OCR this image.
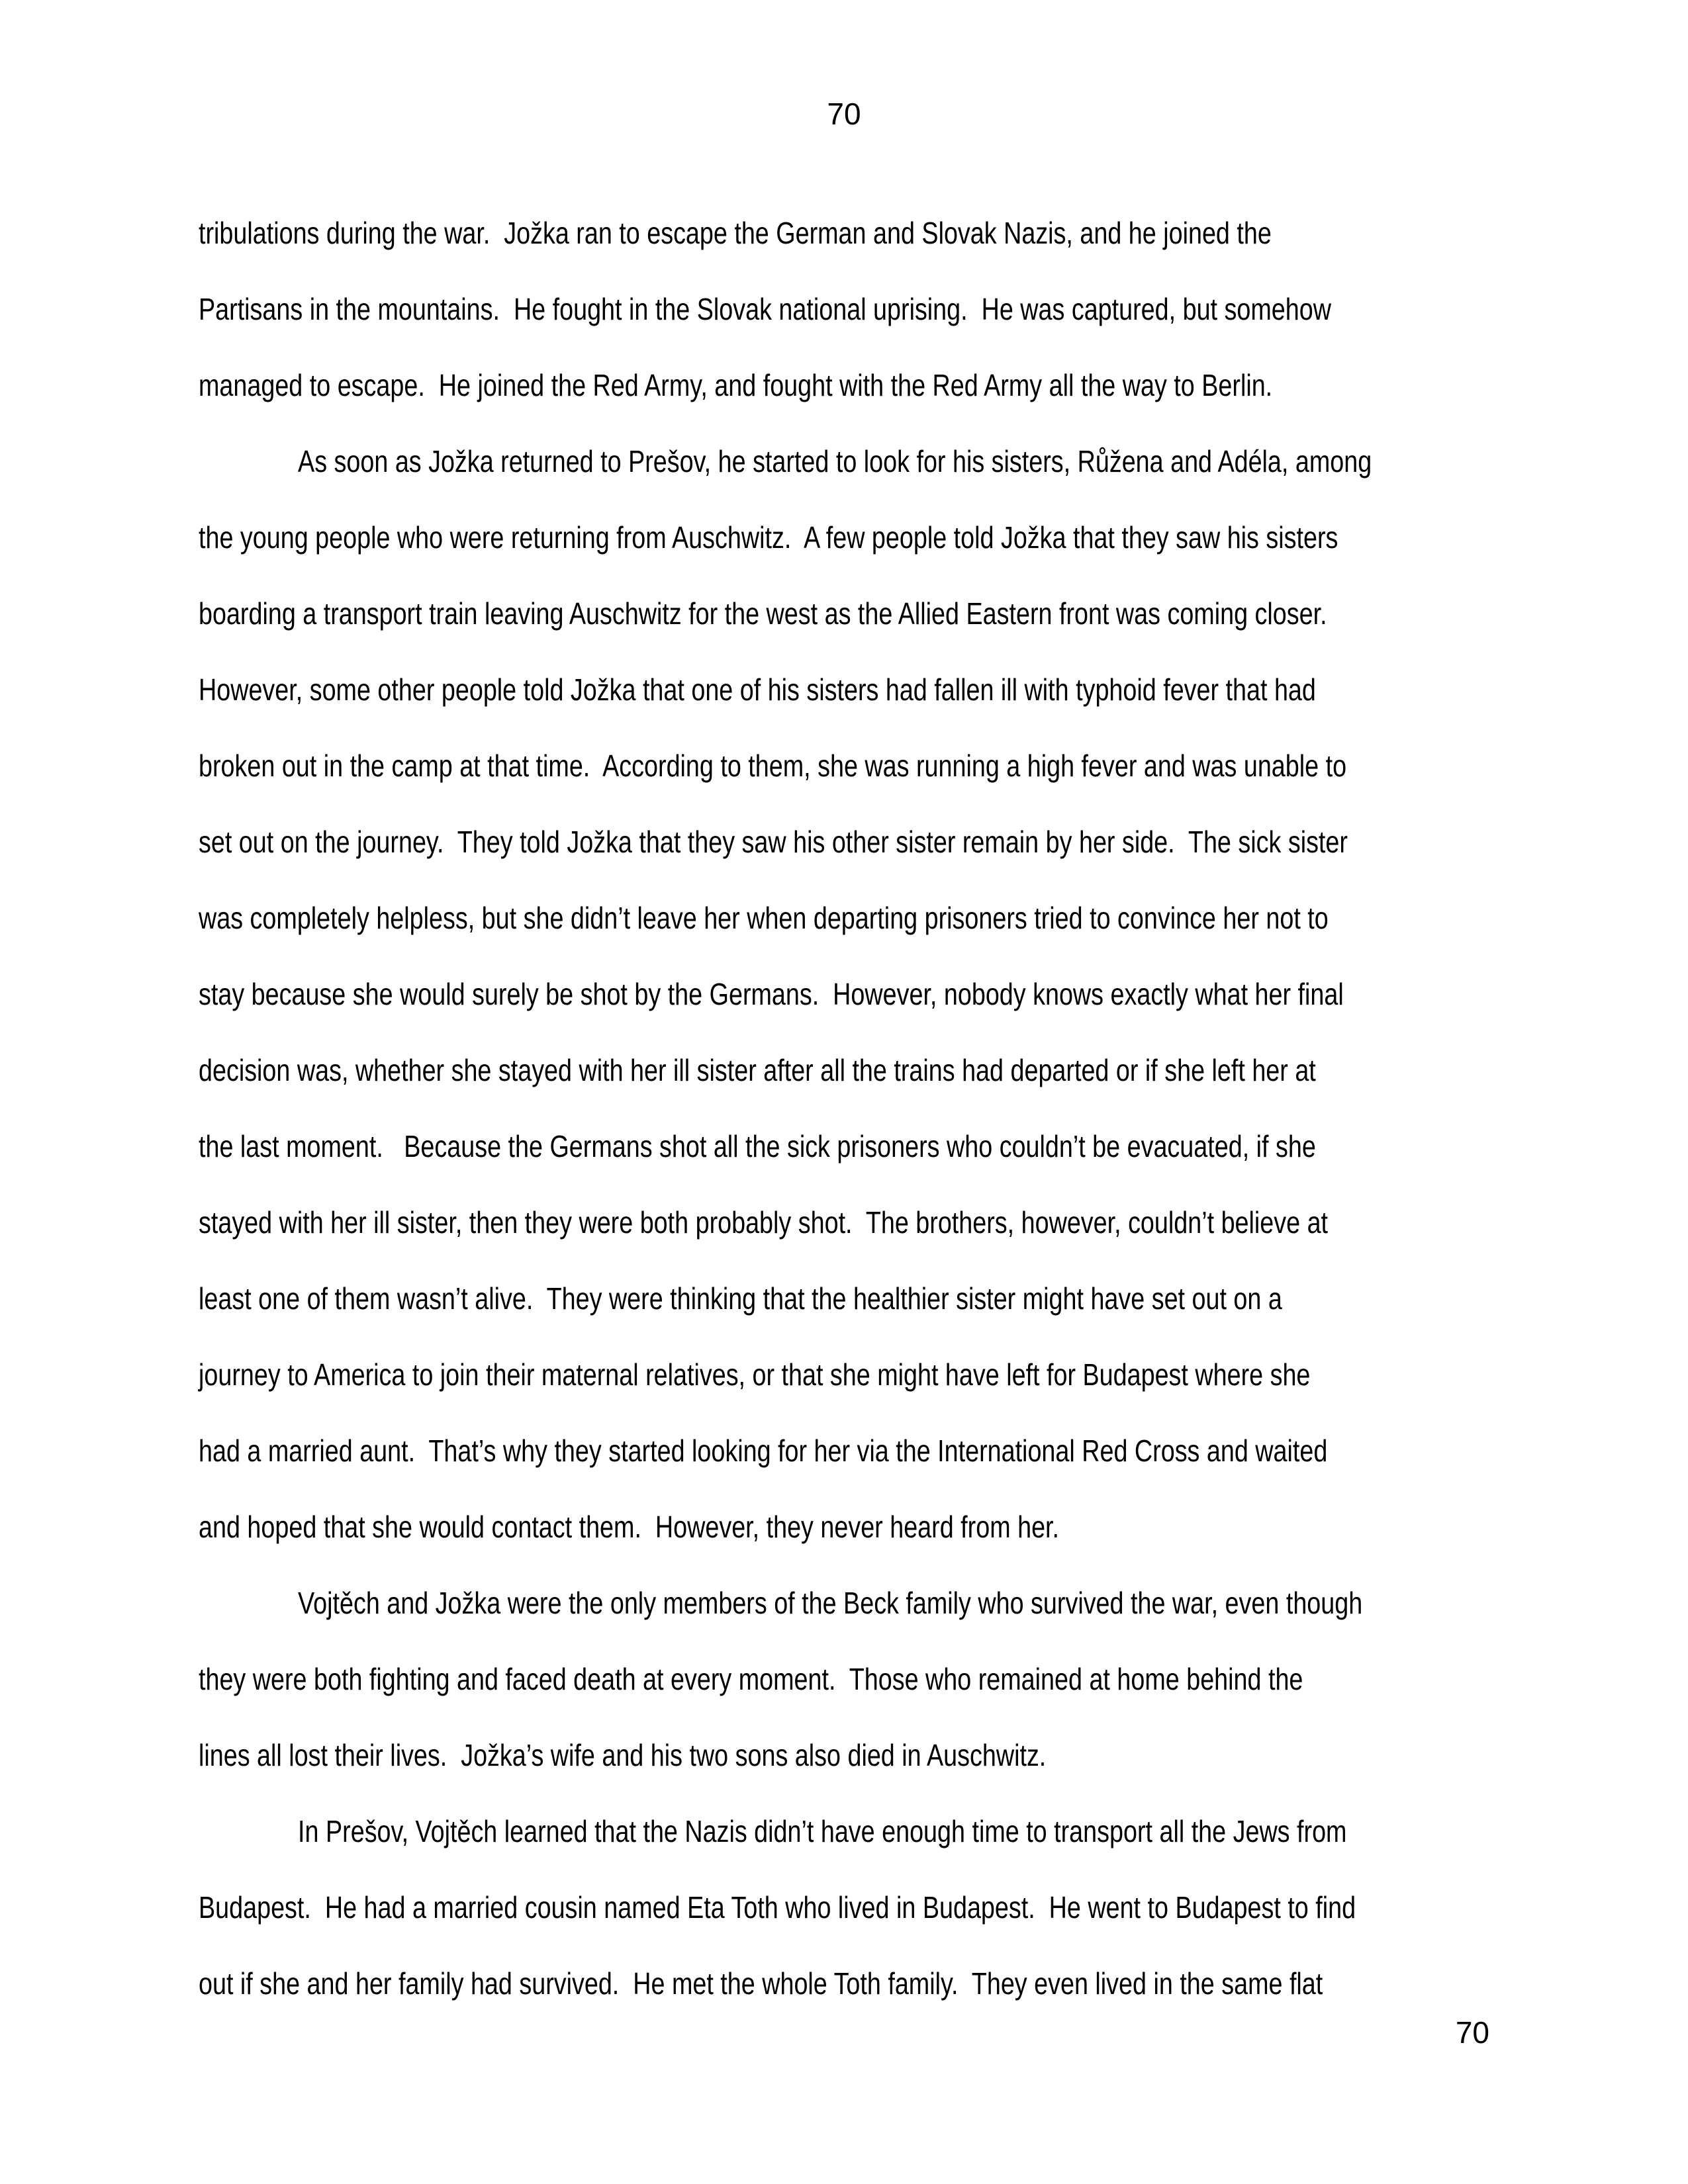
70

tribulations during the war.  Jožka ran to escape the German and Slovak Nazis, and he joined the
Partisans in the mountains.  He fought in the Slovak national uprising.  He was captured, but somehow
managed to escape.  He joined the Red Army, and fought with the Red Army all the way to Berlin.

As soon as Jožka returned to Prešov, he started to look for his sisters, Růžena and Adéla, among
the young people who were returning from Auschwitz.  A few people told Jožka that they saw his sisters
boarding a transport train leaving Auschwitz for the west as the Allied Eastern front was coming closer.
However, some other people told Jožka that one of his sisters had fallen ill with typhoid fever that had
broken out in the camp at that time.  According to them, she was running a high fever and was unable to
set out on the journey.  They told Jožka that they saw his other sister remain by her side.  The sick sister
was completely helpless, but she didn’t leave her when departing prisoners tried to convince her not to
stay because she would surely be shot by the Germans.  However, nobody knows exactly what her final
decision was, whether she stayed with her ill sister after all the trains had departed or if she left her at
the last moment.   Because the Germans shot all the sick prisoners who couldn’t be evacuated, if she
stayed with her ill sister, then they were both probably shot.  The brothers, however, couldn’t believe at
least one of them wasn’t alive.  They were thinking that the healthier sister might have set out on a
journey to America to join their maternal relatives, or that she might have left for Budapest where she
had a married aunt.  That’s why they started looking for her via the International Red Cross and waited
and hoped that she would contact them.  However, they never heard from her.

Vojtěch and Jožka were the only members of the Beck family who survived the war, even though
they were both fighting and faced death at every moment.  Those who remained at home behind the
lines all lost their lives.  Jožka’s wife and his two sons also died in Auschwitz.

In Prešov, Vojtěch learned that the Nazis didn’t have enough time to transport all the Jews from
Budapest.  He had a married cousin named Eta Toth who lived in Budapest.  He went to Budapest to find
out if she and her family had survived.  He met the whole Toth family.  They even lived in the same flat

70
